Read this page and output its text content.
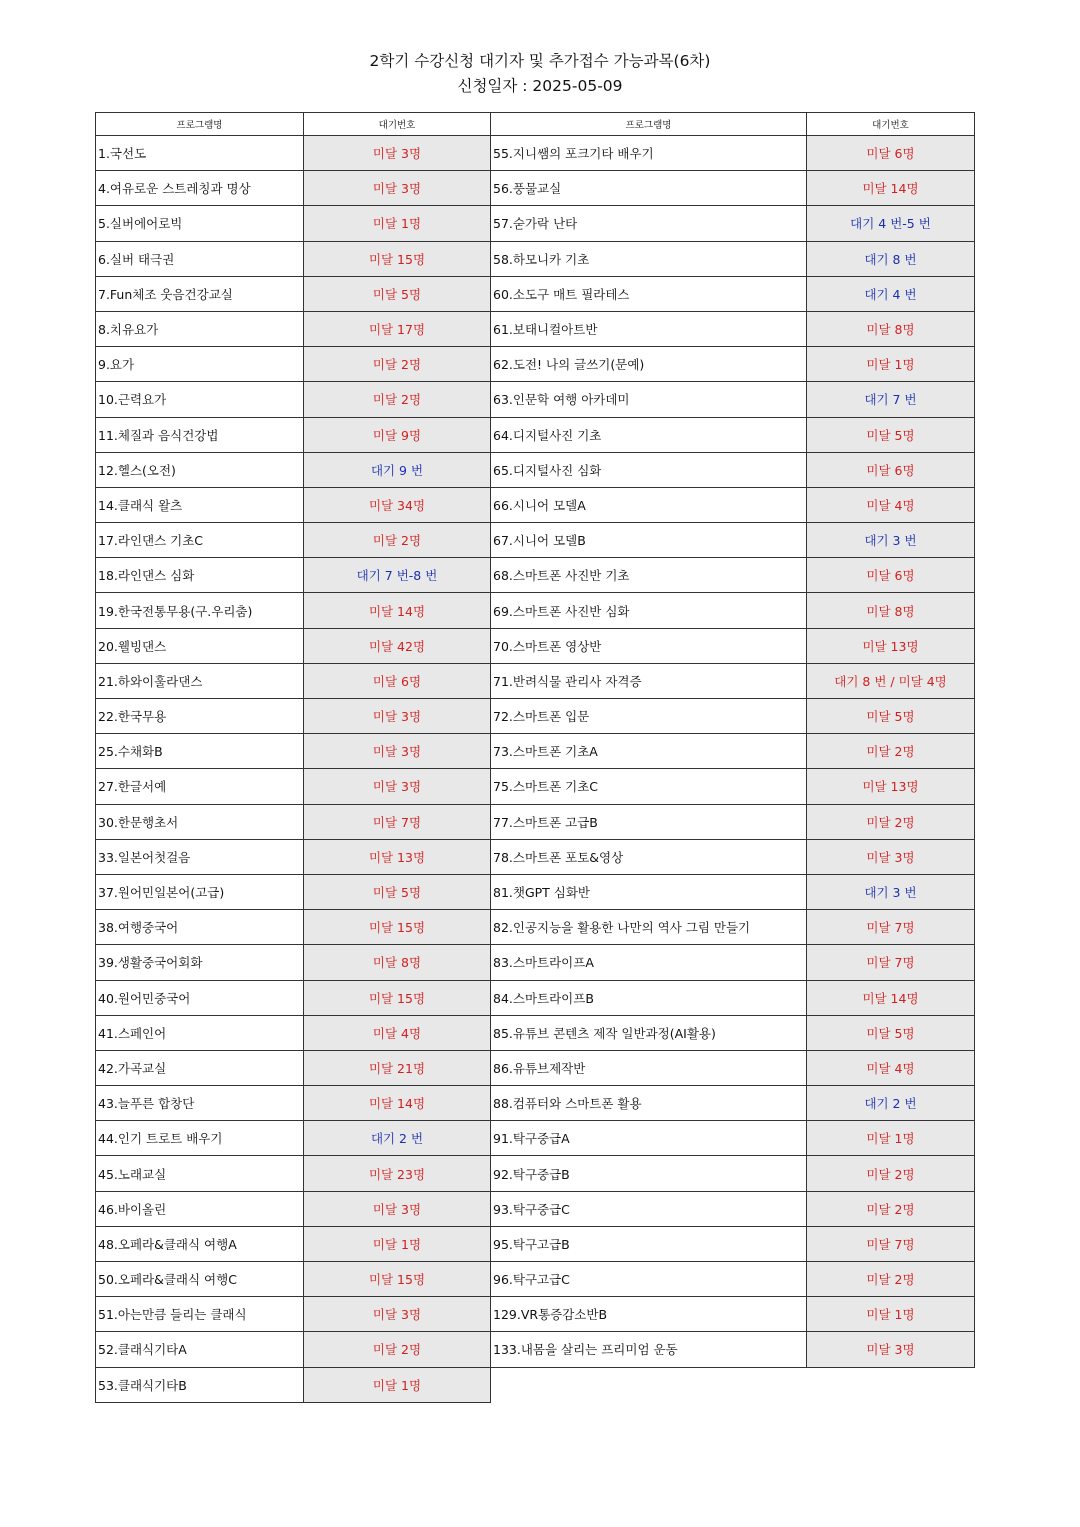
2학기 수강신청 대기자 및 추가접수 가능과목(6차)
신청일자 : 2025-05-09
프로그램명	대기번호
1.국선도	미달 3명
4.여유로운 스트레칭과 명상	미달 3명
5.실버에어로빅	미달 1명
6.실버 태극권	미달 15명
7.Fun체조 웃음건강교실	미달 5명
8.치유요가	미달 17명
9.요가	미달 2명
10.근력요가	미달 2명
11.체질과 음식건강법	미달 9명
12.헬스(오전)	대기 9 번
14.클래식 왈츠	미달 34명
17.라인댄스 기초C	미달 2명
18.라인댄스 심화	대기 7 번-8 번
19.한국전통무용(구.우리춤)	미달 14명
20.웰빙댄스	미달 42명
21.하와이훌라댄스	미달 6명
22.한국무용	미달 3명
25.수채화B	미달 3명
27.한글서예	미달 3명
30.한문행초서	미달 7명
33.일본어첫걸음	미달 13명
37.원어민일본어(고급)	미달 5명
38.여행중국어	미달 15명
39.생활중국어회화	미달 8명
40.원어민중국어	미달 15명
41.스페인어	미달 4명
42.가곡교실	미달 21명
43.늘푸른 합창단	미달 14명
44.인기 트로트 배우기	대기 2 번
45.노래교실	미달 23명
46.바이올린	미달 3명
48.오페라&클래식 여행A	미달 1명
50.오페라&클래식 여행C	미달 15명
51.아는만큼 들리는 클래식	미달 3명
52.클래식기타A	미달 2명
53.클래식기타B	미달 1명
프로그램명	대기번호
55.지니쌤의 포크기타 배우기	미달 6명
56.풍물교실	미달 14명
57.숟가락 난타	대기 4 번-5 번
58.하모니카 기초	대기 8 번
60.소도구 매트 필라테스	대기 4 번
61.보태니컬아트반	미달 8명
62.도전! 나의 글쓰기(문예)	미달 1명
63.인문학 여행 아카데미	대기 7 번
64.디지털사진 기초	미달 5명
65.디지털사진 심화	미달 6명
66.시니어 모델A	미달 4명
67.시니어 모델B	대기 3 번
68.스마트폰 사진반 기초	미달 6명
69.스마트폰 사진반 심화	미달 8명
70.스마트폰 영상반	미달 13명
71.반려식물 관리사 자격증	대기 8 번 / 미달 4명
72.스마트폰 입문	미달 5명
73.스마트폰 기초A	미달 2명
75.스마트폰 기초C	미달 13명
77.스마트폰 고급B	미달 2명
78.스마트폰 포토&영상	미달 3명
81.챗GPT 심화반	대기 3 번
82.인공지능을 활용한 나만의 역사 그림 만들기	미달 7명
83.스마트라이프A	미달 7명
84.스마트라이프B	미달 14명
85.유튜브 콘텐츠 제작 일반과정(AI활용)	미달 5명
86.유튜브제작반	미달 4명
88.컴퓨터와 스마트폰 활용	대기 2 번
91.탁구중급A	미달 1명
92.탁구중급B	미달 2명
93.탁구중급C	미달 2명
95.탁구고급B	미달 7명
96.탁구고급C	미달 2명
129.VR통증감소반B	미달 1명
133.내몸을 살리는 프리미엄 운동	미달 3명
